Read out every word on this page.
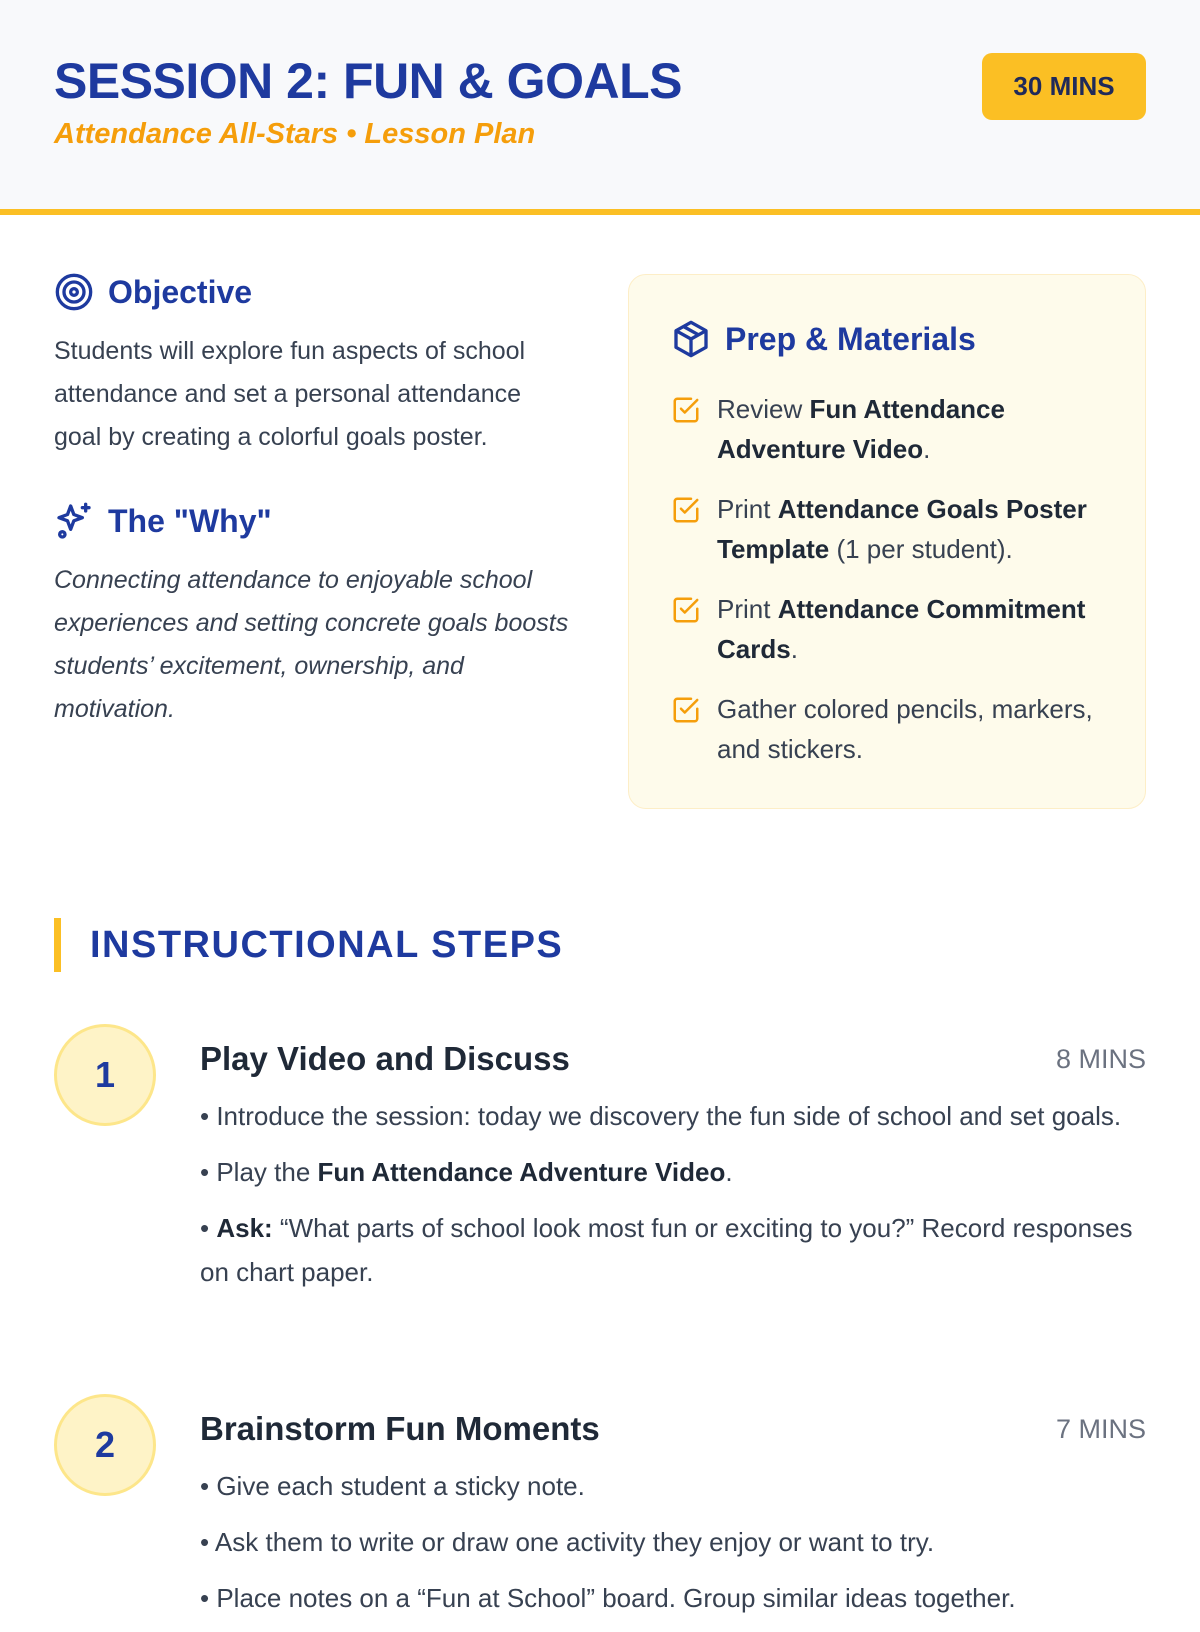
SESSION 2: FUN & GOALS

Attendance All-Stars • Lesson Plan

30 MINS
Objective

Students will explore fun aspects of school attendance and set a personal attendance goal by creating a colorful goals poster.

The "Why"

Connecting attendance to enjoyable school experiences and setting concrete goals boosts students’ excitement, ownership, and motivation.

Prep & Materials
Review Fun Attendance Adventure Video.
Print Attendance Goals Poster Template (1 per student).
Print Attendance Commitment Cards.
Gather colored pencils, markers, and stickers.
INSTRUCTIONAL STEPS
1	Play Video and Discuss	8 MINS
• Introduce the session: today we discovery the fun side of school and set goals.
• Play the Fun Attendance Adventure Video.
• Ask: “What parts of school look most fun or exciting to you?” Record responses on chart paper.
2	Brainstorm Fun Moments	7 MINS
• Give each student a sticky note.
• Ask them to write or draw one activity they enjoy or want to try.
• Place notes on a “Fun at School” board. Group similar ideas together.
